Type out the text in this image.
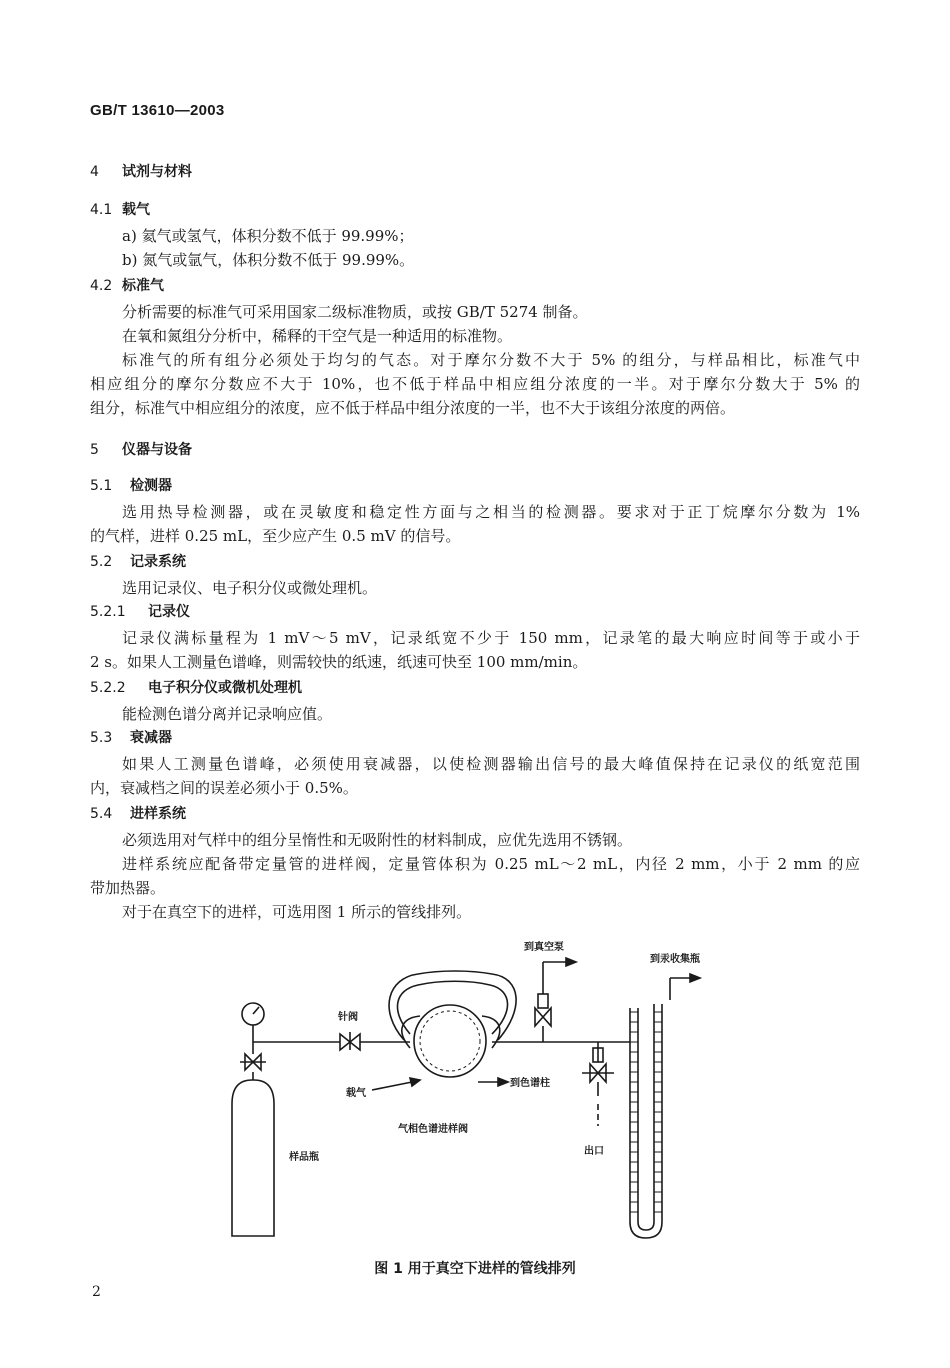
GB/T 13610—2003
4 试剂与材料
4.1 载气
a) 氦气或氢气，体积分数不低于 99.99%；
b) 氮气或氩气，体积分数不低于 99.99%。
4.2 标准气
分析需要的标准气可采用国家二级标准物质，或按 GB/T 5274 制备。
在氧和氮组分分析中，稀释的干空气是一种适用的标准物。
标准气的所有组分必须处于均匀的气态。对于摩尔分数不大于 5% 的组分，与样品相比，标准气中
相应组分的摩尔分数应不大于 10%，也不低于样品中相应组分浓度的一半。对于摩尔分数大于 5% 的
组分，标准气中相应组分的浓度，应不低于样品中组分浓度的一半，也不大于该组分浓度的两倍。
5 仪器与设备
5.1 检测器
选用热导检测器，或在灵敏度和稳定性方面与之相当的检测器。要求对于正丁烷摩尔分数为 1%
的气样，进样 0.25 mL，至少应产生 0.5 mV 的信号。
5.2 记录系统
选用记录仪、电子积分仪或微处理机。
5.2.1 记录仪
记录仪满标量程为 1 mV～5 mV，记录纸宽不少于 150 mm，记录笔的最大响应时间等于或小于
2 s。如果人工测量色谱峰，则需较快的纸速，纸速可快至 100 mm/min。
5.2.2 电子积分仪或微机处理机
能检测色谱分离并记录响应值。
5.3 衰减器
如果人工测量色谱峰，必须使用衰减器，以使检测器输出信号的最大峰值保持在记录仪的纸宽范围
内，衰减档之间的误差必须小于 0.5%。
5.4 进样系统
必须选用对气样中的组分呈惰性和无吸附性的材料制成，应优先选用不锈钢。
进样系统应配备带定量管的进样阀，定量管体积为 0.25 mL～2 mL，内径 2 mm，小于 2 mm 的应
带加热器。
对于在真空下的进样，可选用图 1 所示的管线排列。
到真空泵
到汞收集瓶
针阀
载气
到色谱柱
气相色谱进样阀
样品瓶
出口
图 1 用于真空下进样的管线排列
2
